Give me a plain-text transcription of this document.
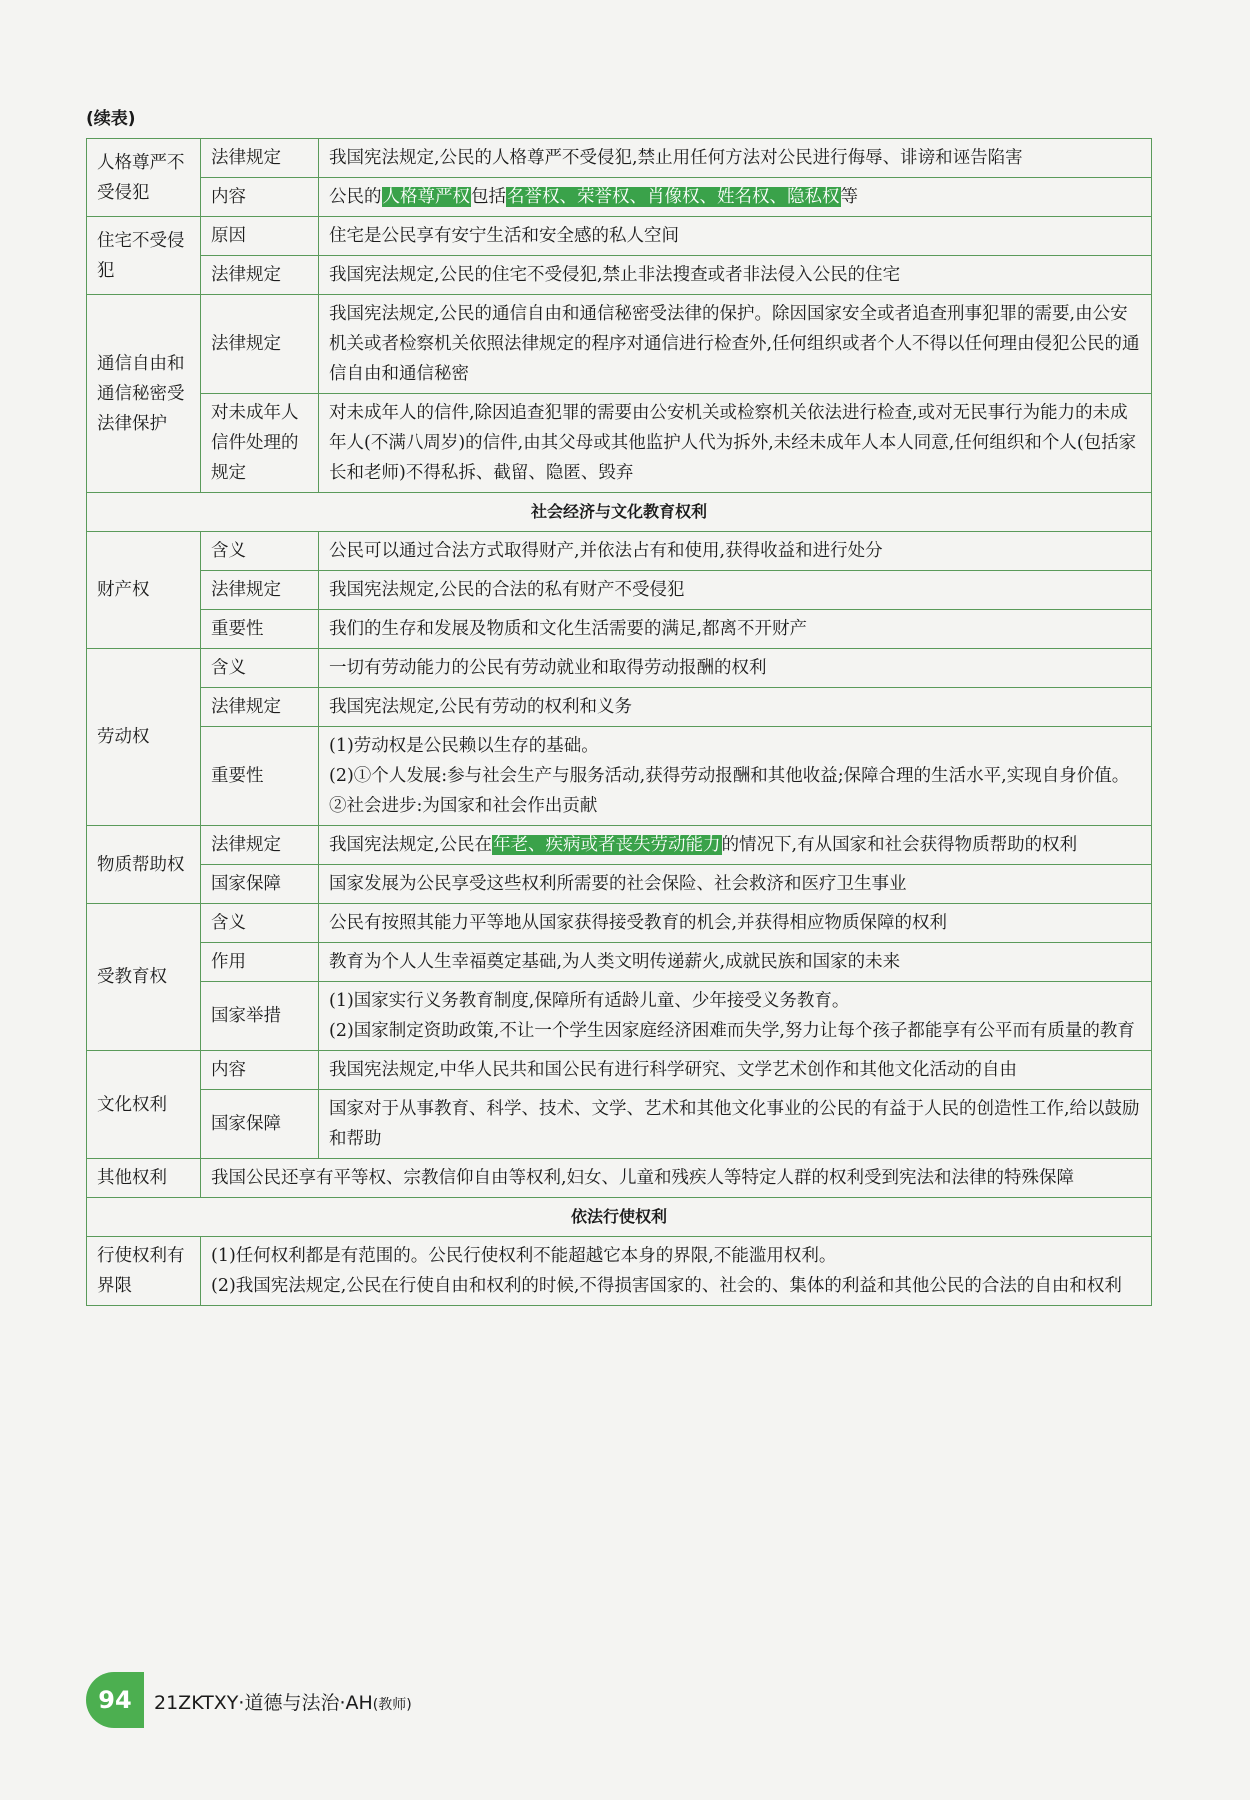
(续表)
人格尊严不受侵犯	法律规定	我国宪法规定,公民的人格尊严不受侵犯,禁止用任何方法对公民进行侮辱、诽谤和诬告陷害
	内容	公民的人格尊严权包括名誉权、荣誉权、肖像权、姓名权、隐私权等
住宅不受侵犯	原因	住宅是公民享有安宁生活和安全感的私人空间
	法律规定	我国宪法规定,公民的住宅不受侵犯,禁止非法搜查或者非法侵入公民的住宅
通信自由和通信秘密受法律保护	法律规定	我国宪法规定,公民的通信自由和通信秘密受法律的保护。除因国家安全或者追查刑事犯罪的需要,由公安机关或者检察机关依照法律规定的程序对通信进行检查外,任何组织或者个人不得以任何理由侵犯公民的通信自由和通信秘密
	对未成年人信件处理的规定	对未成年人的信件,除因追查犯罪的需要由公安机关或检察机关依法进行检查,或对无民事行为能力的未成年人(不满八周岁)的信件,由其父母或其他监护人代为拆外,未经未成年人本人同意,任何组织和个人(包括家长和老师)不得私拆、截留、隐匿、毁弃
社会经济与文化教育权利		
财产权	含义	公民可以通过合法方式取得财产,并依法占有和使用,获得收益和进行处分
	法律规定	我国宪法规定,公民的合法的私有财产不受侵犯
	重要性	我们的生存和发展及物质和文化生活需要的满足,都离不开财产
劳动权	含义	一切有劳动能力的公民有劳动就业和取得劳动报酬的权利
	法律规定	我国宪法规定,公民有劳动的权利和义务
	重要性	(1)劳动权是公民赖以生存的基础。
(2)①个人发展:参与社会生产与服务活动,获得劳动报酬和其他收益;保障合理的生活水平,实现自身价值。②社会进步:为国家和社会作出贡献

物质帮助权	法律规定	我国宪法规定,公民在年老、疾病或者丧失劳动能力的情况下,有从国家和社会获得物质帮助的权利
	国家保障	国家发展为公民享受这些权利所需要的社会保险、社会救济和医疗卫生事业
受教育权	含义	公民有按照其能力平等地从国家获得接受教育的机会,并获得相应物质保障的权利
	作用	教育为个人人生幸福奠定基础,为人类文明传递薪火,成就民族和国家的未来
	国家举措	(1)国家实行义务教育制度,保障所有适龄儿童、少年接受义务教育。
(2)国家制定资助政策,不让一个学生因家庭经济困难而失学,努力让每个孩子都能享有公平而有质量的教育

文化权利	内容	我国宪法规定,中华人民共和国公民有进行科学研究、文学艺术创作和其他文化活动的自由
	国家保障	国家对于从事教育、科学、技术、文学、艺术和其他文化事业的公民的有益于人民的创造性工作,给以鼓励和帮助
其他权利	我国公民还享有平等权、宗教信仰自由等权利,妇女、儿童和残疾人等特定人群的权利受到宪法和法律的特殊保障	
依法行使权利		
行使权利有界限	(1)任何权利都是有范围的。公民行使权利不能超越它本身的界限,不能滥用权利。
(2)我国宪法规定,公民在行使自由和权利的时候,不得损害国家的、社会的、集体的利益和其他公民的合法的自由和权利	
94	21ZKTXY·道德与法治·AH(教师)
